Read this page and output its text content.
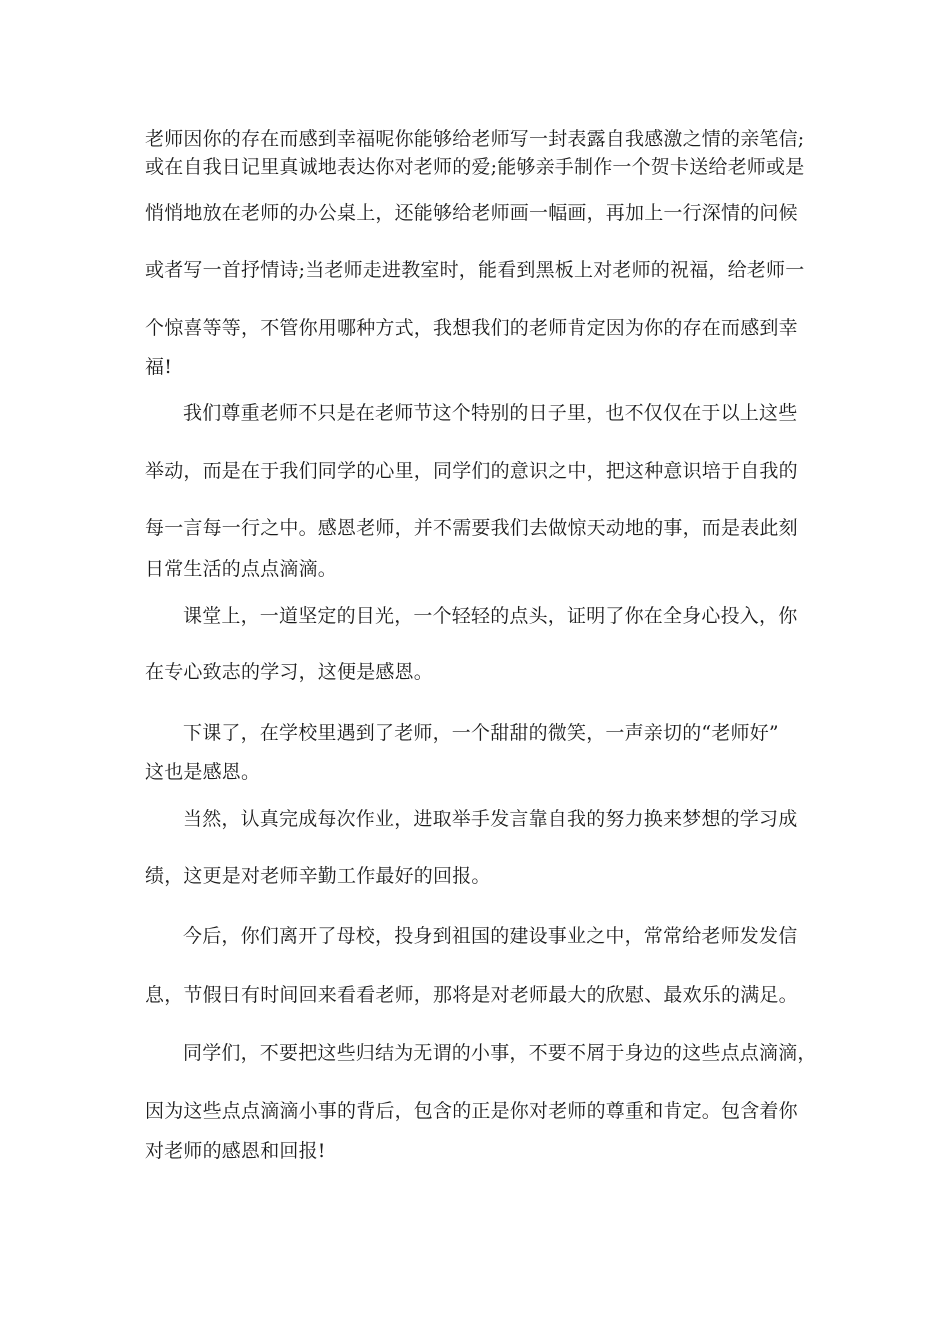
老师因你的存在而感到幸福呢你能够给老师写一封表露自我感激之情的亲笔信;
或在自我日记里真诚地表达你对老师的爱;能够亲手制作一个贺卡送给老师或是
悄悄地放在老师的办公桌上，还能够给老师画一幅画，再加上一行深情的问候
或者写一首抒情诗;当老师走进教室时，能看到黑板上对老师的祝福，给老师一
个惊喜等等，不管你用哪种方式，我想我们的老师肯定因为你的存在而感到幸
福!
我们尊重老师不只是在老师节这个特别的日子里，也不仅仅在于以上这些
举动，而是在于我们同学的心里，同学们的意识之中，把这种意识培于自我的
每一言每一行之中。感恩老师，并不需要我们去做惊天动地的事，而是表此刻
日常生活的点点滴滴。
课堂上，一道坚定的目光，一个轻轻的点头，证明了你在全身心投入，你
在专心致志的学习，这便是感恩。
下课了，在学校里遇到了老师，一个甜甜的微笑，一声亲切的“老师好”
这也是感恩。
当然，认真完成每次作业，进取举手发言靠自我的努力换来梦想的学习成
绩，这更是对老师辛勤工作最好的回报。
今后，你们离开了母校，投身到祖国的建设事业之中，常常给老师发发信
息，节假日有时间回来看看老师，那将是对老师最大的欣慰、最欢乐的满足。
同学们，不要把这些归结为无谓的小事，不要不屑于身边的这些点点滴滴，
因为这些点点滴滴小事的背后，包含的正是你对老师的尊重和肯定。包含着你
对老师的感恩和回报!
